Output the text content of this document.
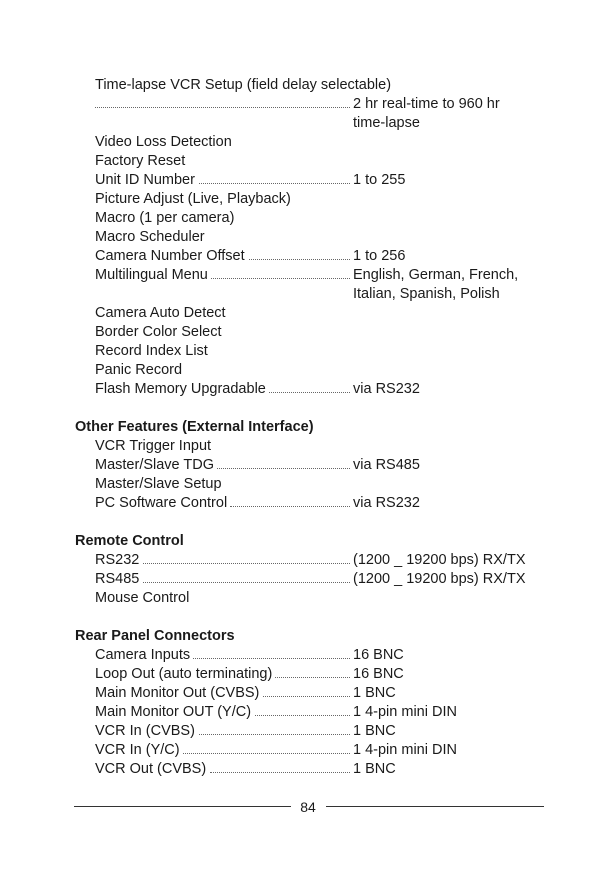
Time-lapse VCR Setup (field delay selectable)
2 hr real-time to 960 hr
time-lapse
Video Loss Detection
Factory Reset
Unit ID Number	1 to 255
Picture Adjust (Live, Playback)
Macro (1 per camera)
Macro Scheduler
Camera Number Offset	1 to 256
Multilingual Menu	English, German, French,
Italian, Spanish, Polish
Camera Auto Detect
Border Color Select
Record Index List
Panic Record
Flash Memory Upgradable	via RS232
Other Features (External Interface)
VCR Trigger Input
Master/Slave TDG	via RS485
Master/Slave Setup
PC Software Control	via RS232
Remote Control
RS232	(1200 _ 19200 bps) RX/TX
RS485	(1200 _ 19200 bps) RX/TX
Mouse Control
Rear Panel Connectors
Camera Inputs	16 BNC
Loop Out (auto terminating)	16 BNC
Main Monitor Out (CVBS)	1 BNC
Main Monitor OUT (Y/C)	1 4-pin mini DIN
VCR In (CVBS)	1 BNC
VCR In (Y/C)	1 4-pin mini DIN
VCR Out (CVBS)	1 BNC
84
